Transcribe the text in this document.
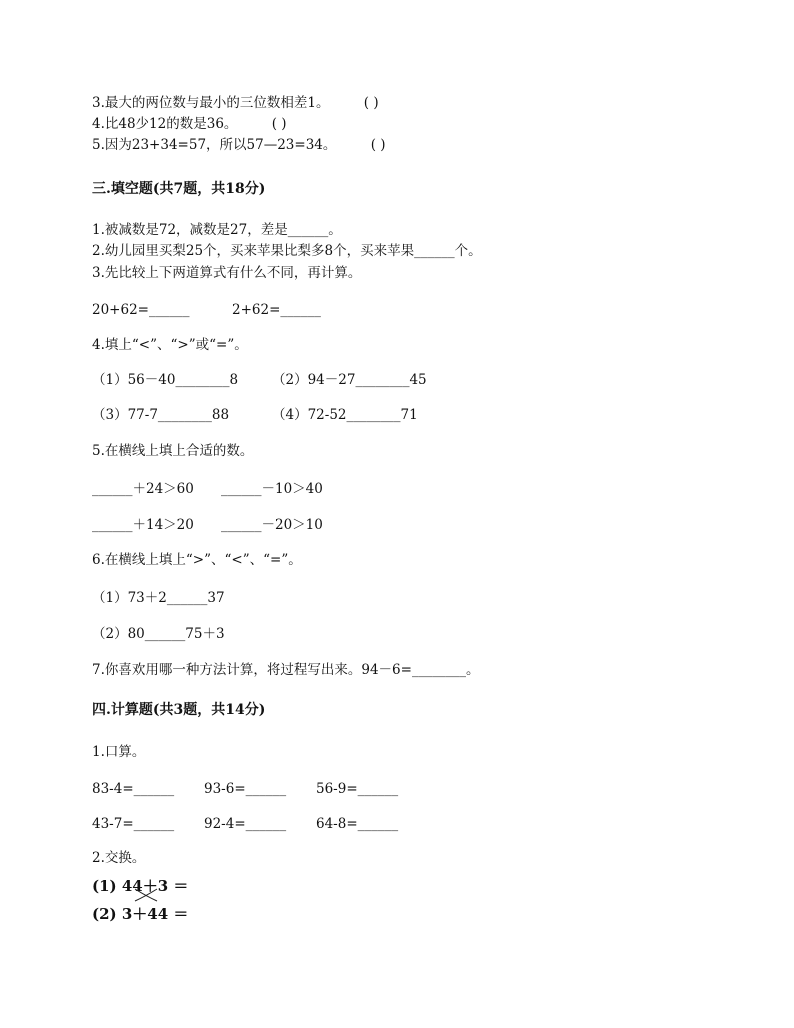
3.最大的两位数与最小的三位数相差1。	( )
4.比48少12的数是36。	( )
5.因为23+34=57，所以57—23=34。	( )
三.填空题(共7题，共18分)
1.被减数是72，减数是27，差是______。
2.幼儿园里买梨25个，买来苹果比梨多8个，买来苹果______个。
3.先比较上下两道算式有什么不同，再计算。
20+62=______	2+62=______
4.填上“<”、“>”或“=”。
（1）56－40________8	（2）94－27________45
（3）77-7________88	（4）72-52________71
5.在横线上填上合适的数。
______＋24＞60 ______－10＞40
______＋14＞20 ______－20＞10
6.在横线上填上“>”、“<”、“=”。
（1）73＋2______37
（2）80______75＋3
7.你喜欢用哪一种方法计算，将过程写出来。94－6=________。
四.计算题(共3题，共14分)
1.口算。
83-4=______ 93-6=______ 56-9=______
43-7=______ 92-4=______ 64-8=______
2.交换。
(1) 44＋3 ＝
(2) 3＋44 ＝
